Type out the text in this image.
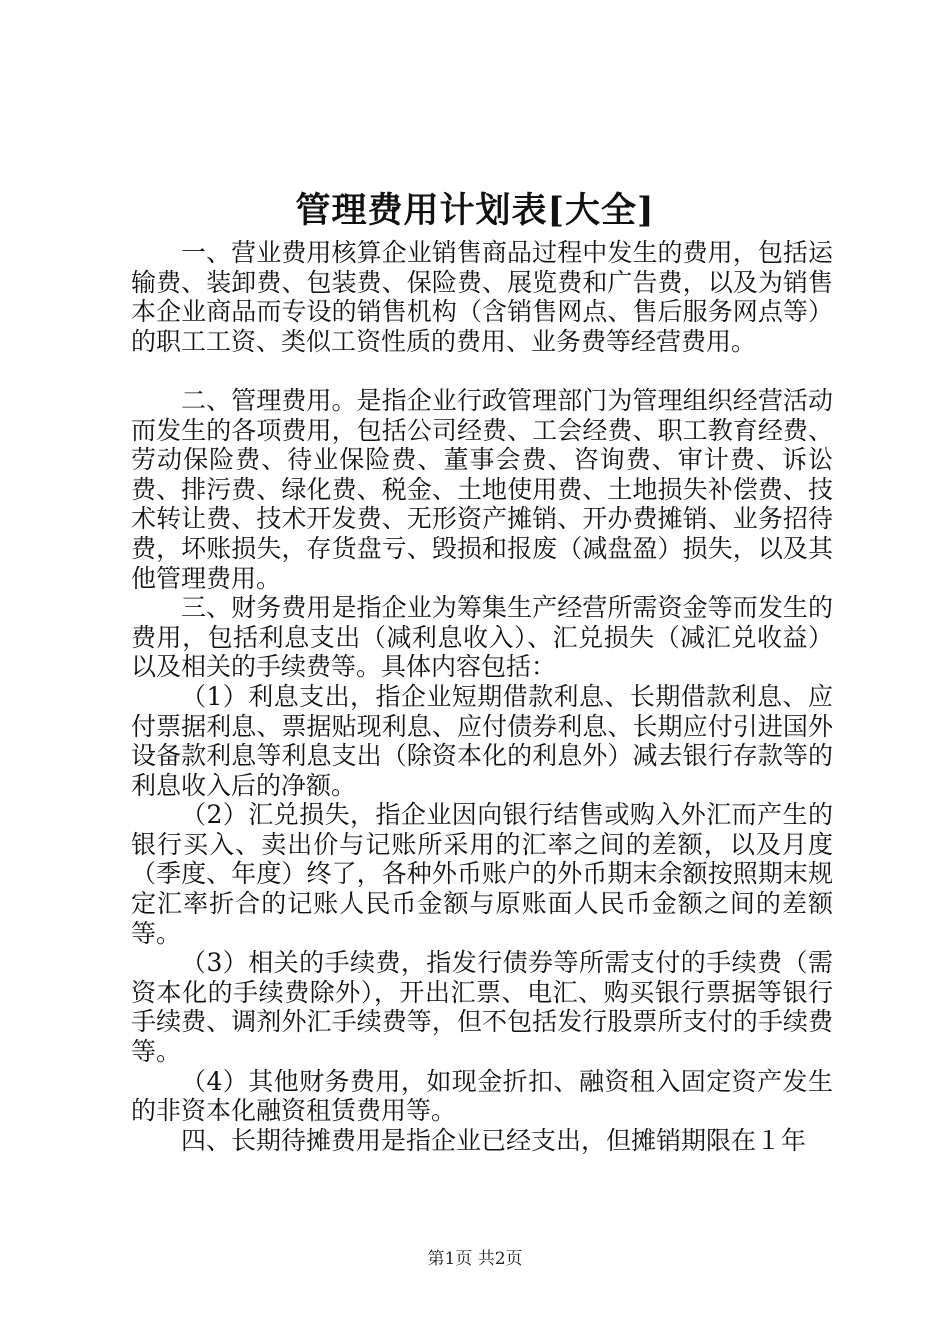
管理费用计划表[大全]

一、营业费用核算企业销售商品过程中发生的费用，包括运输费、装卸费、包装费、保险费、展览费和广告费，以及为销售本企业商品而专设的销售机构（含销售网点、售后服务网点等）的职工工资、类似工资性质的费用、业务费等经营费用。

二、管理费用。是指企业行政管理部门为管理组织经营活动而发生的各项费用，包括公司经费、工会经费、职工教育经费、劳动保险费、待业保险费、董事会费、咨询费、审计费、诉讼费、排污费、绿化费、税金、土地使用费、土地损失补偿费、技术转让费、技术开发费、无形资产摊销、开办费摊销、业务招待费，坏账损失，存货盘亏、毁损和报废（减盘盈）损失，以及其他管理费用。

三、财务费用是指企业为筹集生产经营所需资金等而发生的费用，包括利息支出（减利息收入）、汇兑损失（减汇兑收益）以及相关的手续费等。具体内容包括：

（1）利息支出，指企业短期借款利息、长期借款利息、应付票据利息、票据贴现利息、应付债券利息、长期应付引进国外设备款利息等利息支出（除资本化的利息外）减去银行存款等的利息收入后的净额。

（2）汇兑损失，指企业因向银行结售或购入外汇而产生的银行买入、卖出价与记账所采用的汇率之间的差额，以及月度（季度、年度）终了，各种外币账户的外币期末余额按照期末规定汇率折合的记账人民币金额与原账面人民币金额之间的差额等。

（3）相关的手续费，指发行债券等所需支付的手续费（需资本化的手续费除外），开出汇票、电汇、购买银行票据等银行手续费、调剂外汇手续费等，但不包括发行股票所支付的手续费等。

（4）其他财务费用，如现金折扣、融资租入固定资产发生的非资本化融资租赁费用等。

四、长期待摊费用是指企业已经支出，但摊销期限在１年

第1页 共2页
